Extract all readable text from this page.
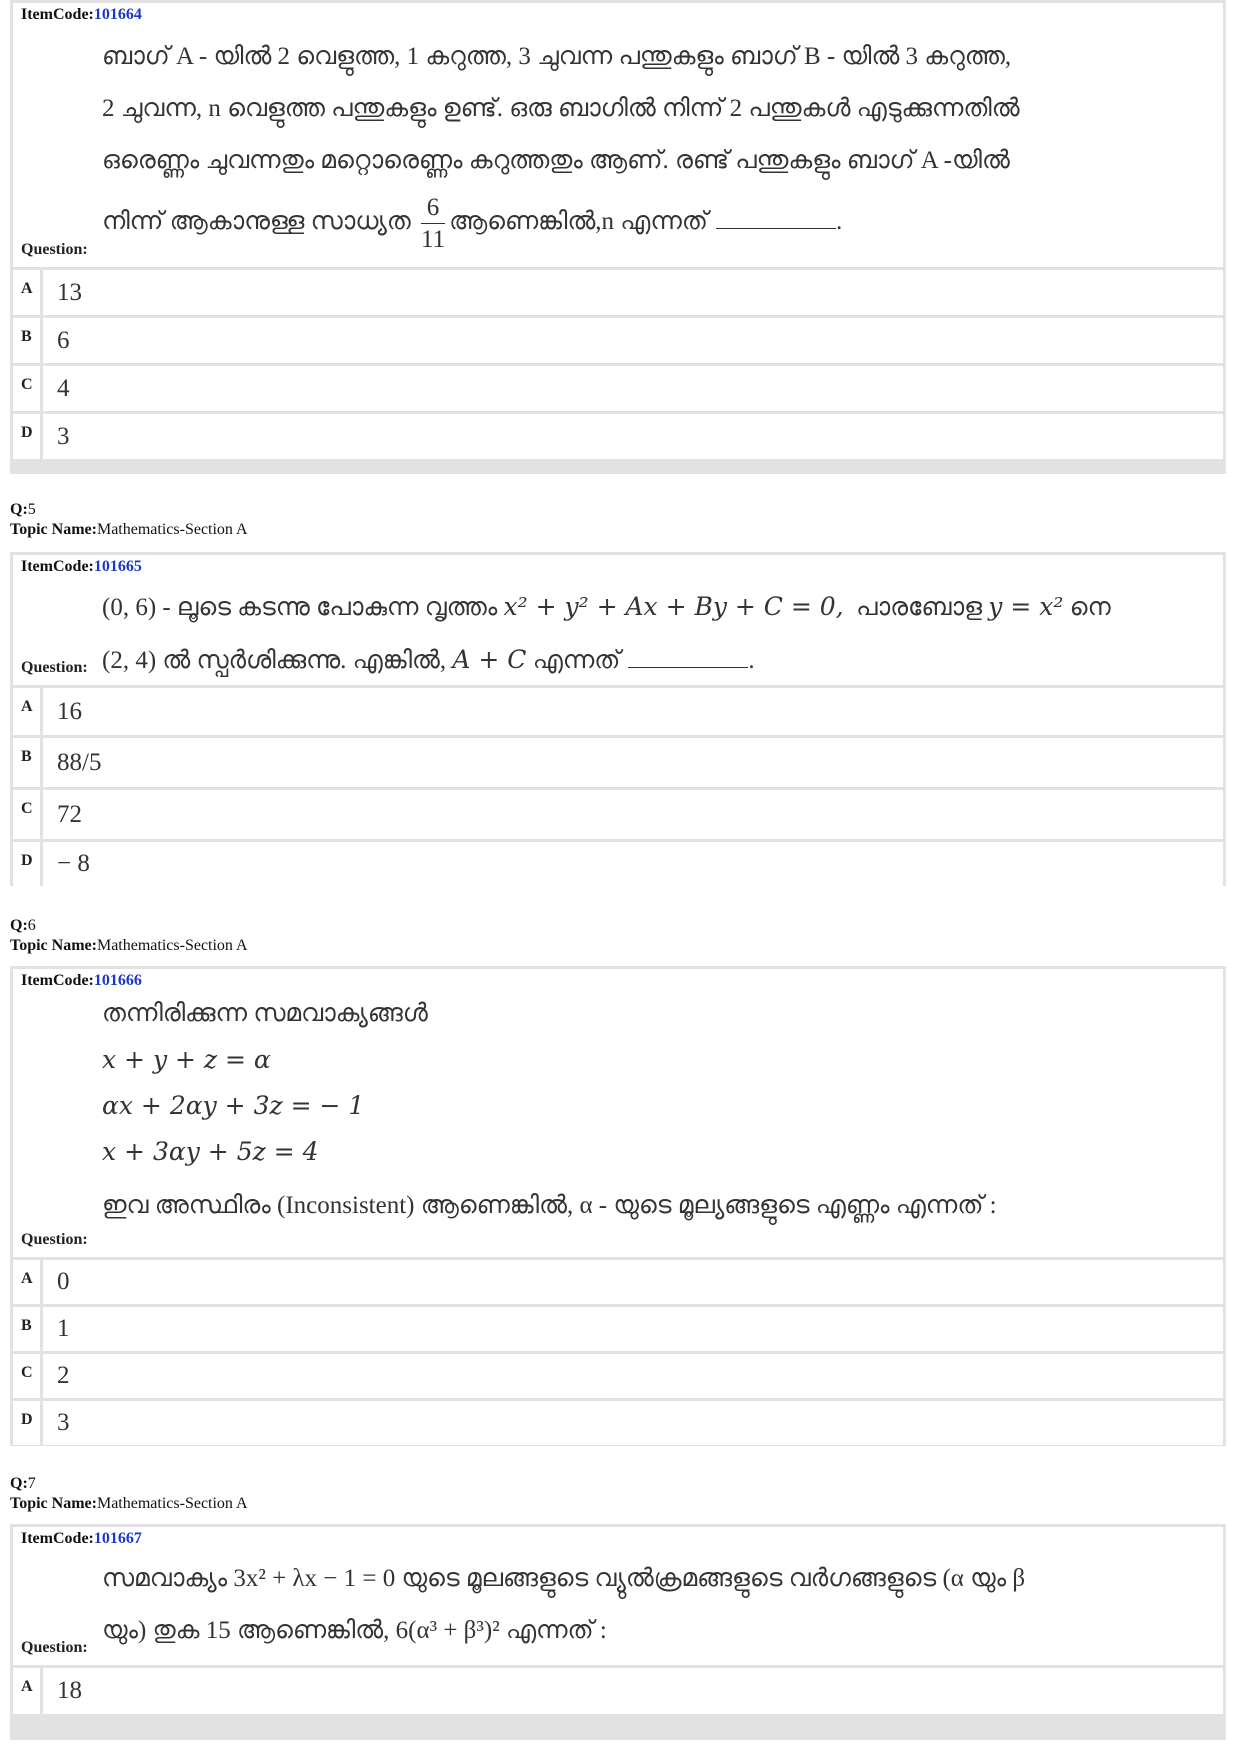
ItemCode:101664

ബാഗ് A - യിൽ 2 വെളുത്ത, 1 കറുത്ത, 3 ചുവന്ന പന്തുകളും ബാഗ് B - യിൽ 3 കറുത്ത,

2 ചുവന്ന, n വെളുത്ത പന്തുകളും ഉണ്ട്. ഒരു ബാഗിൽ നിന്ന് 2 പന്തുകൾ എടുക്കുന്നതിൽ

ഒരെണ്ണം ചുവന്നതും മറ്റൊരെണ്ണം കറുത്തതും ആണ്. രണ്ട് പന്തുകളും ബാഗ് A -യിൽ

നിന്ന് ആകാനുള്ള സാധ്യത $\frac{6}{11}$ ആണെങ്കിൽ,n എന്നത്	.

Question:
A 13
B	6
C 4
D 3
Q:5
Topic Name:Mathematics-Section A
ItemCode:101665

(0, 6) - ലൂടെ കടന്നു പോകുന്ന വൃത്തം x² + y² + Ax + By + C = 0, പാരബോള y = x² നെ

(2, 4) ൽ സ്പർശിക്കുന്നു. എങ്കിൽ, A + C എന്നത്	.

Question:
A 16
B	88/5
C 72
D − 8
Q:6
Topic Name:Mathematics-Section A
ItemCode:101666

തന്നിരിക്കുന്ന സമവാക്യങ്ങൾ

x + y + z = α

αx + 2αy + 3z = − 1

x + 3αy + 5z = 4

ഇവ അസ്ഥിരം (Inconsistent) ആണെങ്കിൽ, α - യുടെ മൂല്യങ്ങളുടെ എണ്ണം എന്നത് :

Question:
A 0
B	1
C 2
D 3
Q:7
Topic Name:Mathematics-Section A
ItemCode:101667

സമവാക്യം 3x² + λx − 1 = 0 യുടെ മൂലങ്ങളുടെ വ്യുൽക്രമങ്ങളുടെ വർഗങ്ങളുടെ (α യും β

യും) തുക 15 ആണെങ്കിൽ, 6(α³ + β³)² എന്നത് :

Question:
A 18
